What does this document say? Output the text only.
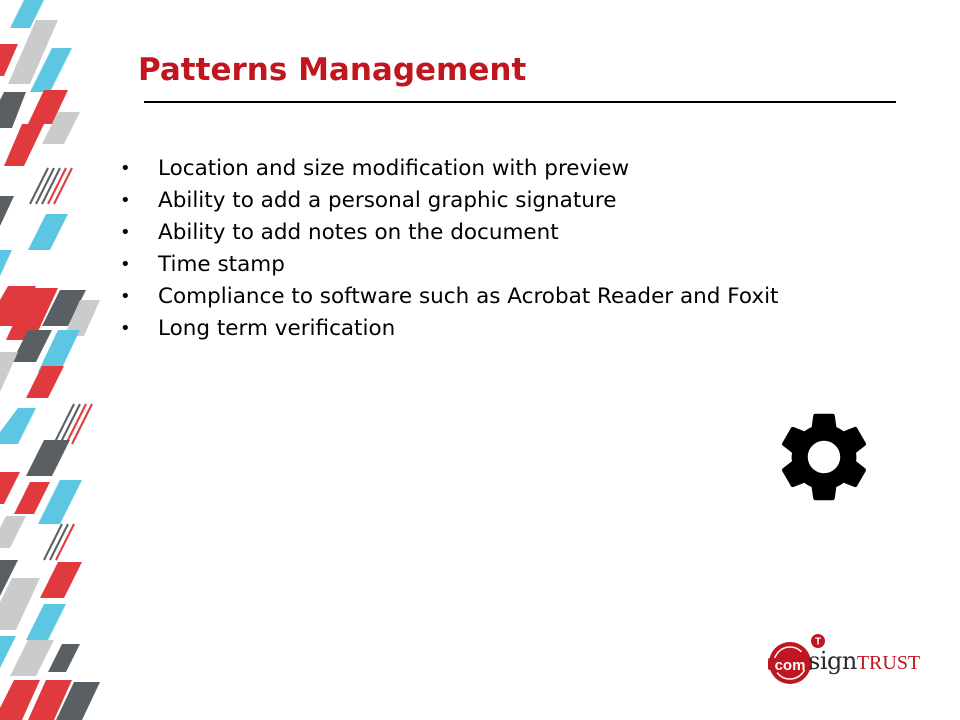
Patterns Management
•	Location and size modification with preview
•	Ability to add a personal graphic signature
•	Ability to add notes on the document
•	Time stamp
•	Compliance to software such as Acrobat Reader and Foxit
•	Long term verification
T
com signTRUST
